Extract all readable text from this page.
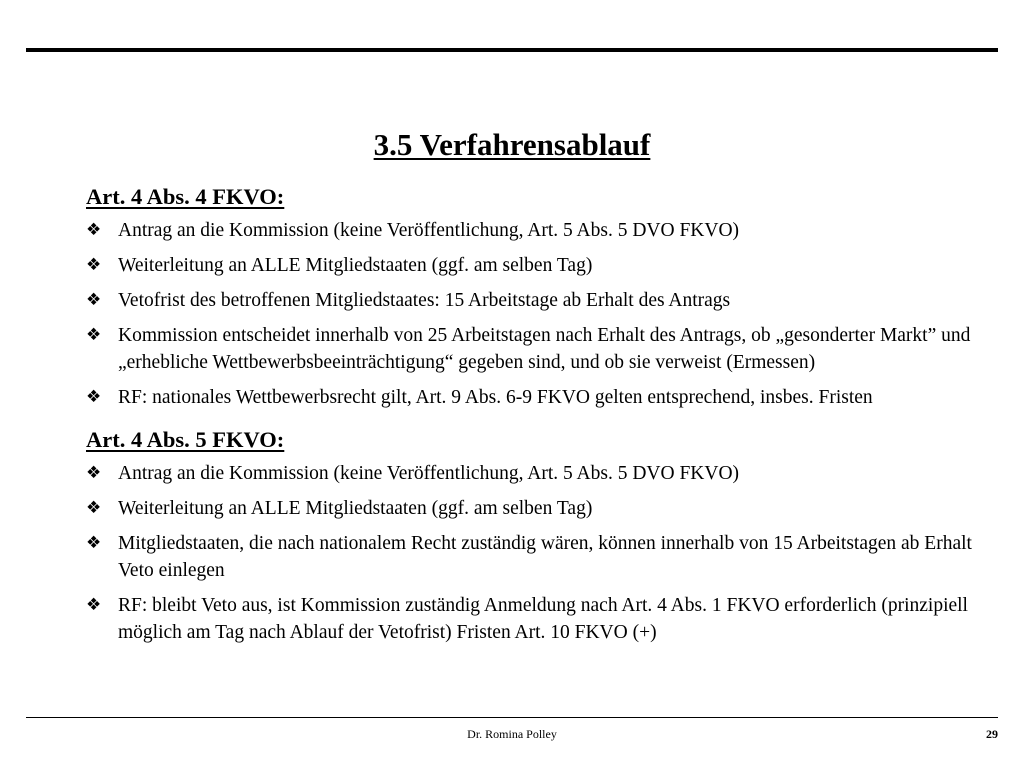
3.5 Verfahrensablauf
Art. 4 Abs. 4 FKVO:
❖ Antrag an die Kommission (keine Veröffentlichung, Art. 5 Abs. 5 DVO FKVO)
❖ Weiterleitung an ALLE Mitgliedstaaten (ggf. am selben Tag)
❖ Vetofrist des betroffenen Mitgliedstaates: 15 Arbeitstage ab Erhalt des Antrags
❖ Kommission entscheidet innerhalb von 25 Arbeitstagen nach Erhalt des Antrags, ob „gesonderter Markt” und „erhebliche Wettbewerbsbeeinträchtigung“ gegeben sind, und ob sie verweist (Ermessen)
❖ RF: nationales Wettbewerbsrecht gilt, Art. 9 Abs. 6-9 FKVO gelten entsprechend, insbes. Fristen
Art. 4 Abs. 5 FKVO:
❖ Antrag an die Kommission (keine Veröffentlichung, Art. 5 Abs. 5 DVO FKVO)
❖ Weiterleitung an ALLE Mitgliedstaaten (ggf. am selben Tag)
❖ Mitgliedstaaten, die nach nationalem Recht zuständig wären, können innerhalb von 15 Arbeitstagen ab Erhalt Veto einlegen
❖ RF: bleibt Veto aus, ist Kommission zuständig Anmeldung nach Art. 4 Abs. 1 FKVO erforderlich (prinzipiell möglich am Tag nach Ablauf der Vetofrist) Fristen Art. 10 FKVO (+)
Dr. Romina Polley	29
